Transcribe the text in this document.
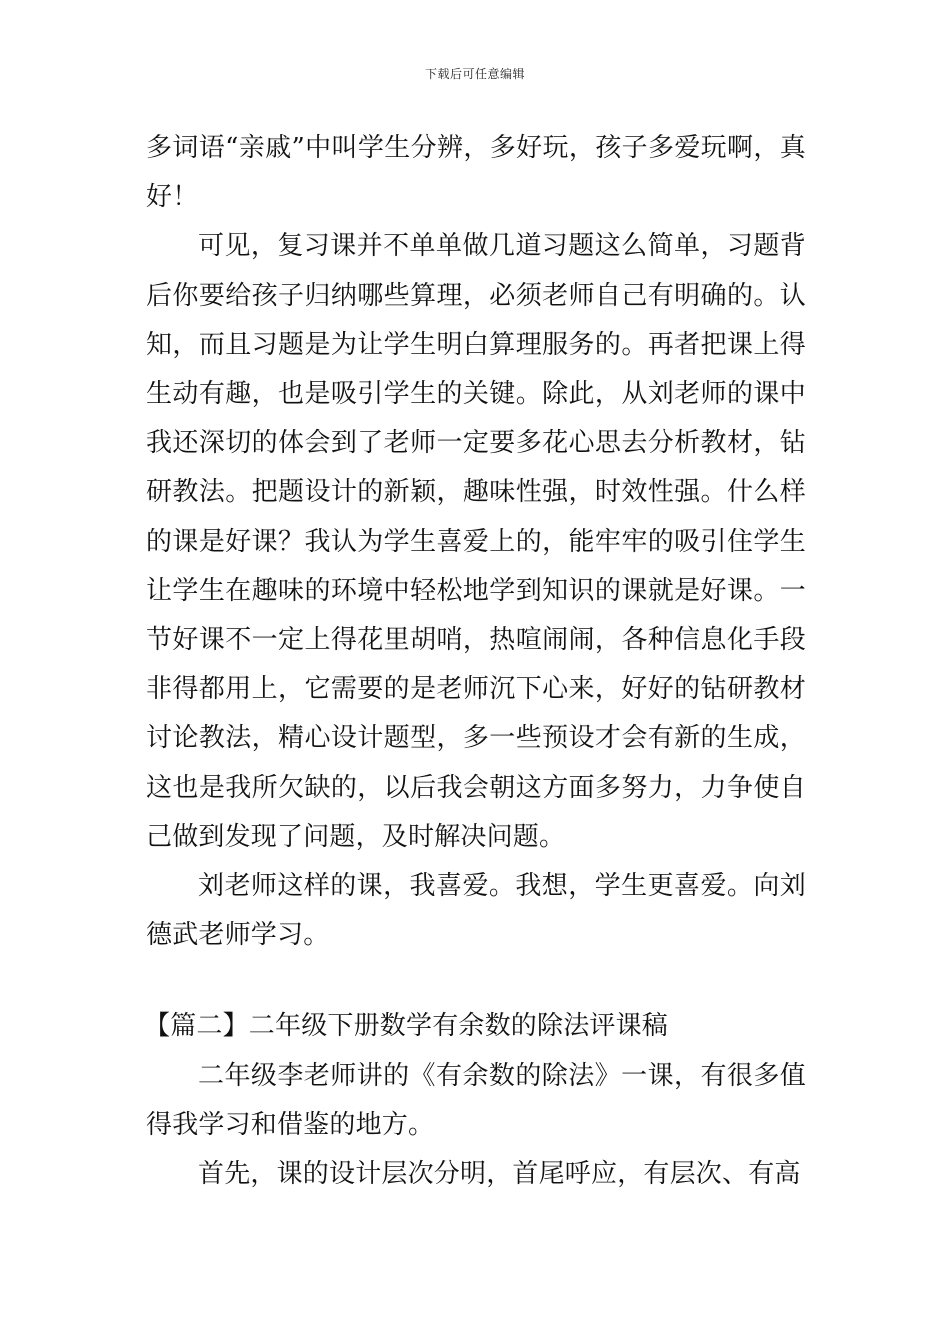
下载后可任意编辑

多词语“亲戚”中叫学生分辨，多好玩，孩子多爱玩啊，真好！

可见，复习课并不单单做几道习题这么简单，习题背后你要给孩子归纳哪些算理，必须老师自己有明确的。认知，而且习题是为让学生明白算理服务的。再者把课上得生动有趣，也是吸引学生的关键。除此，从刘老师的课中我还深切的体会到了老师一定要多花心思去分析教材，钻研教法。把题设计的新颖，趣味性强，时效性强。什么样的课是好课？我认为学生喜爱上的，能牢牢的吸引住学生让学生在趣味的环境中轻松地学到知识的课就是好课。一节好课不一定上得花里胡哨，热喧闹闹，各种信息化手段非得都用上，它需要的是老师沉下心来，好好的钻研教材讨论教法，精心设计题型，多一些预设才会有新的生成，这也是我所欠缺的，以后我会朝这方面多努力，力争使自己做到发现了问题，及时解决问题。

刘老师这样的课，我喜爱。我想，学生更喜爱。向刘德武老师学习。

【篇二】二年级下册数学有余数的除法评课稿

二年级李老师讲的《有余数的除法》一课，有很多值得我学习和借鉴的地方。

首先，课的设计层次分明，首尾呼应，有层次、有高
